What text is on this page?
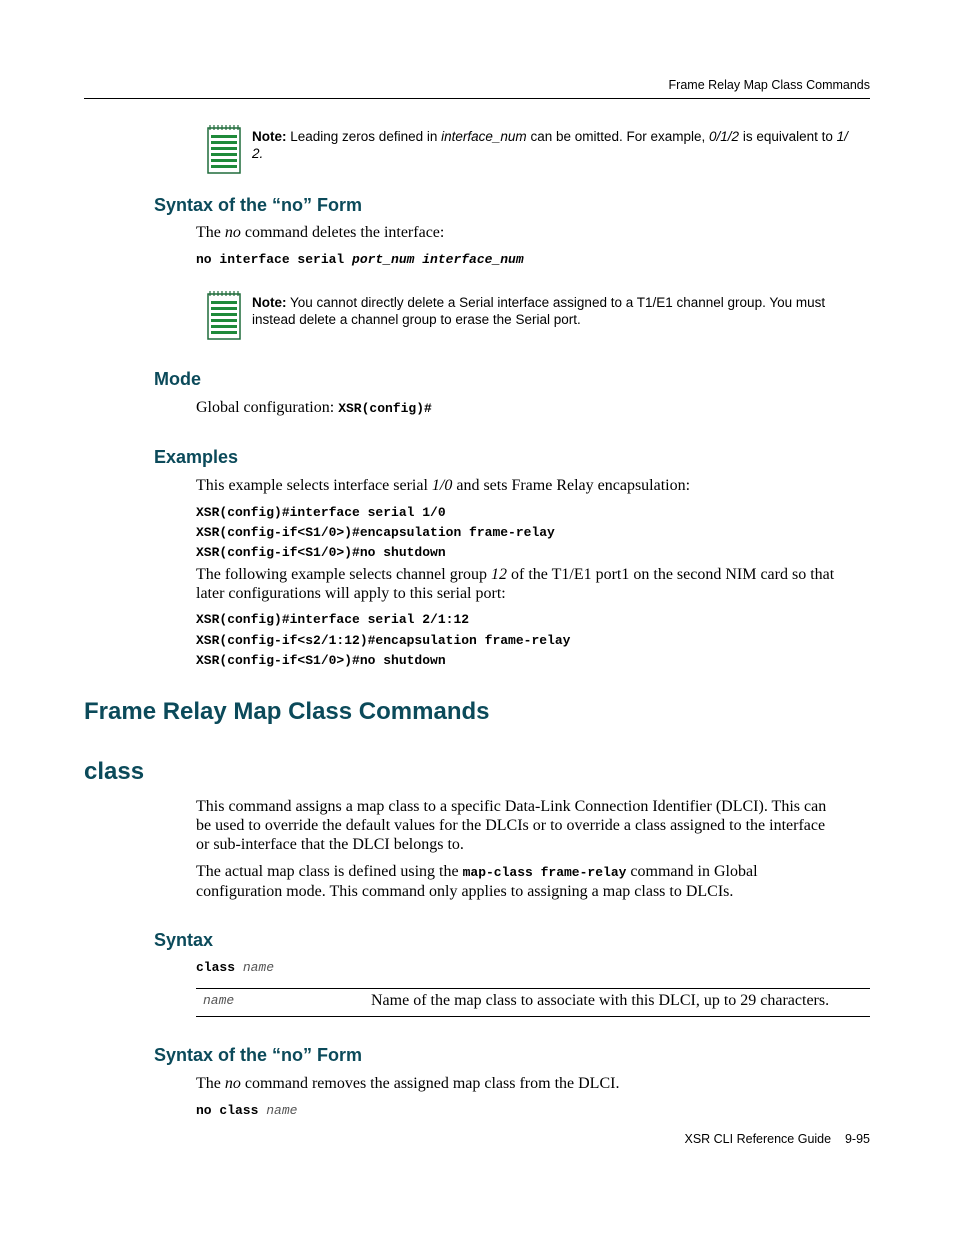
Frame Relay Map Class Commands
Note: Leading zeros defined in interface_num can be omitted. For example, 0/1/2 is equivalent to 1/
2.
Syntax of the “no” Form
The no command deletes the interface:
no interface serial port_num interface_num
Note: You cannot directly delete a Serial interface assigned to a T1/E1 channel group. You must
instead delete a channel group to erase the Serial port.
Mode
Global configuration: XSR(config)#
Examples
This example selects interface serial 1/0 and sets Frame Relay encapsulation:
XSR(config)#interface serial 1/0
XSR(config-if<S1/0>)#encapsulation frame-relay
XSR(config-if<S1/0>)#no shutdown
The following example selects channel group 12 of the T1/E1 port1 on the second NIM card so that
later configurations will apply to this serial port:
XSR(config)#interface serial 2/1:12
XSR(config-if<s2/1:12)#encapsulation frame-relay
XSR(config-if<S1/0>)#no shutdown
Frame Relay Map Class Commands
class
This command assigns a map class to a specific Data-Link Connection Identifier (DLCI). This can
be used to override the default values for the DLCIs or to override a class assigned to the interface
or sub-interface that the DLCI belongs to.
The actual map class is defined using the map-class frame-relay command in Global
configuration mode. This command only applies to assigning a map class to DLCIs.
Syntax
class name
name	Name of the map class to associate with this DLCI, up to 29 characters.
Syntax of the “no” Form
The no command removes the assigned map class from the DLCI.
no class name
XSR CLI Reference Guide    9-95
